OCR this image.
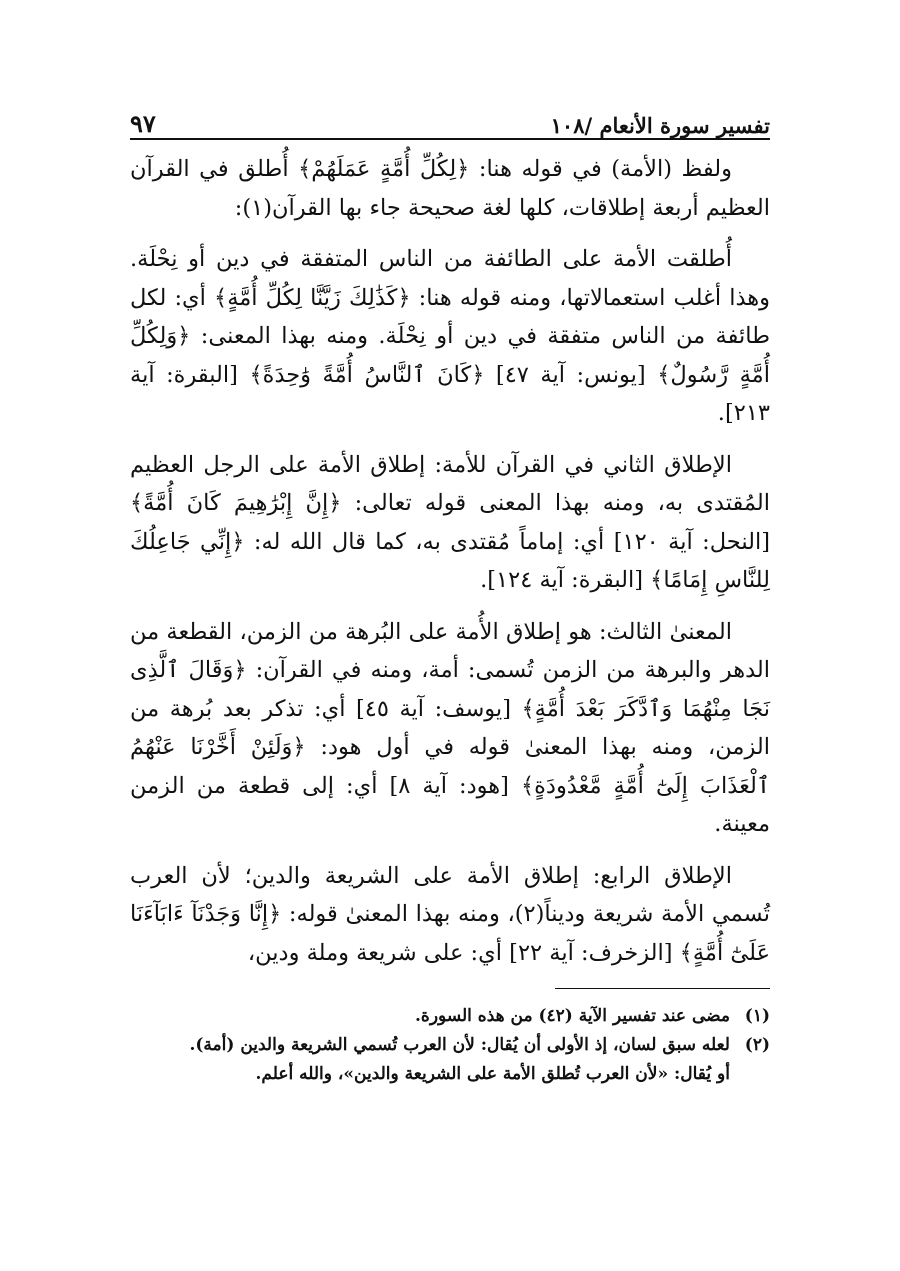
تفسير سورة الأنعام /١٠٨
٩٧

ولفظ (الأمة) في قوله هنا: ﴿لِكُلِّ أُمَّةٍ عَمَلَهُمْ﴾ أُطلق في القرآن العظيم أربعة إطلاقات، كلها لغة صحيحة جاء بها القرآن(١):

أُطلقت الأمة على الطائفة من الناس المتفقة في دين أو نِحْلَة. وهذا أغلب استعمالاتها، ومنه قوله هنا: ﴿كَذَٰلِكَ زَيَّنَّا لِكُلِّ أُمَّةٍ﴾ أي: لكل طائفة من الناس متفقة في دين أو نِحْلَة. ومنه بهذا المعنى: ﴿وَلِكُلِّ أُمَّةٍ رَّسُولٌ﴾ [يونس: آية ٤٧] ﴿كَانَ ٱلنَّاسُ أُمَّةً وَٰحِدَةً﴾ [البقرة: آية ٢١٣].

الإطلاق الثاني في القرآن للأمة: إطلاق الأمة على الرجل العظيم المُقتدى به، ومنه بهذا المعنى قوله تعالى: ﴿إِنَّ إِبْرَٰهِيمَ كَانَ أُمَّةً﴾ [النحل: آية ١٢٠] أي: إماماً مُقتدى به، كما قال الله له: ﴿إِنِّي جَاعِلُكَ لِلنَّاسِ إِمَامًا﴾ [البقرة: آية ١٢٤].

المعنىٰ الثالث: هو إطلاق الأُمة على البُرهة من الزمن، القطعة من الدهر والبرهة من الزمن تُسمى: أمة، ومنه في القرآن: ﴿وَقَالَ ٱلَّذِى نَجَا مِنْهُمَا وَٱدَّكَرَ بَعْدَ أُمَّةٍ﴾ [يوسف: آية ٤٥] أي: تذكر بعد بُرهة من الزمن، ومنه بهذا المعنىٰ قوله في أول هود: ﴿وَلَئِنْ أَخَّرْنَا عَنْهُمُ ٱلْعَذَابَ إِلَىٰٓ أُمَّةٍ مَّعْدُودَةٍ﴾ [هود: آية ٨] أي: إلى قطعة من الزمن معينة.

الإطلاق الرابع: إطلاق الأمة على الشريعة والدين؛ لأن العرب تُسمي الأمة شريعة وديناً(٢)، ومنه بهذا المعنىٰ قوله: ﴿إِنَّا وَجَدْنَآ ءَابَآءَنَا عَلَىٰٓ أُمَّةٍ﴾ [الزخرف: آية ٢٢] أي: على شريعة وملة ودين،

(١)مضى عند تفسير الآية (٤٢) من هذه السورة.

(٢)لعله سبق لسان، إذ الأولى أن يُقال: لأن العرب تُسمي الشريعة والدين (أمة).
أو يُقال: «لأن العرب تُطلق الأمة على الشريعة والدين»، والله أعلم.
